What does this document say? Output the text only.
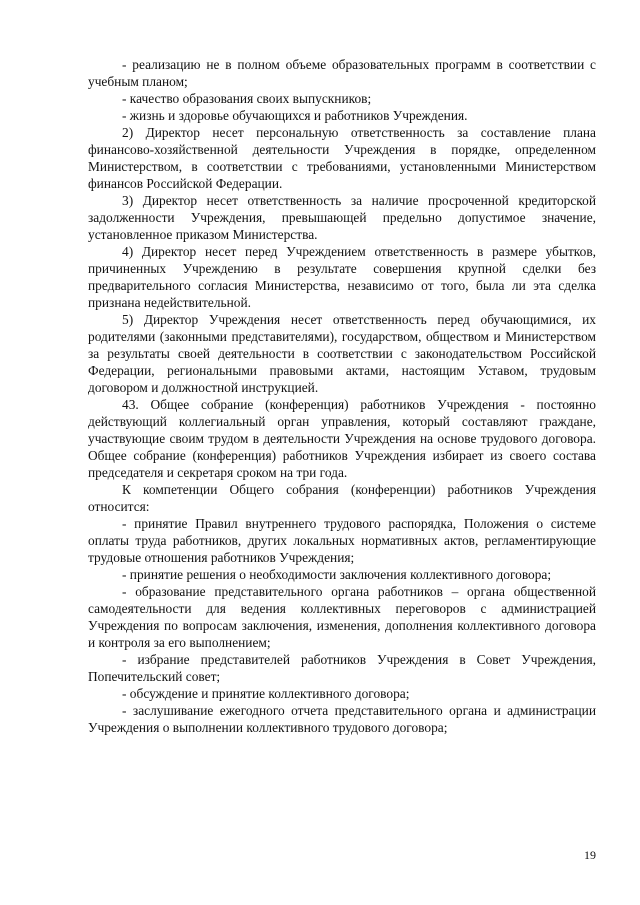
- реализацию не в полном объеме образовательных программ в соответствии с учебным планом;

- качество образования своих выпускников;

- жизнь и здоровье обучающихся и работников Учреждения.

2) Директор несет персональную ответственность за составление плана финансово-хозяйственной деятельности Учреждения в порядке, определенном Министерством, в соответствии с требованиями, установленными Министерством финансов Российской Федерации.

3) Директор несет ответственность за наличие просроченной кредиторской задолженности Учреждения, превышающей предельно допустимое значение, установленное приказом Министерства.

4) Директор несет перед Учреждением ответственность в размере убытков, причиненных Учреждению в результате совершения крупной сделки без предварительного согласия Министерства, независимо от того, была ли эта сделка признана недействительной.

5) Директор Учреждения несет ответственность перед обучающимися, их родителями (законными представителями), государством, обществом и Министерством за результаты своей деятельности в соответствии с законодательством Российской Федерации, региональными правовыми актами, настоящим Уставом, трудовым договором и должностной инструкцией.

43. Общее собрание (конференция) работников Учреждения - постоянно действующий коллегиальный орган управления, который составляют граждане, участвующие своим трудом в деятельности Учреждения на основе трудового договора. Общее собрание (конференция) работников Учреждения избирает из своего состава председателя и секретаря сроком на три года.

К компетенции Общего собрания (конференции) работников Учреждения относится:

- принятие Правил внутреннего трудового распорядка, Положения о системе оплаты труда работников, других локальных нормативных актов, регламентирующие трудовые отношения работников Учреждения;

- принятие решения о необходимости заключения коллективного договора;

- образование представительного органа работников – органа общественной самодеятельности для ведения коллективных переговоров с администрацией Учреждения по вопросам заключения, изменения, дополнения коллективного договора и контроля за его выполнением;

- избрание представителей работников Учреждения в Совет Учреждения, Попечительский совет;

- обсуждение и принятие коллективного договора;

- заслушивание ежегодного отчета представительного органа и администрации Учреждения о выполнении коллективного трудового договора;

19
